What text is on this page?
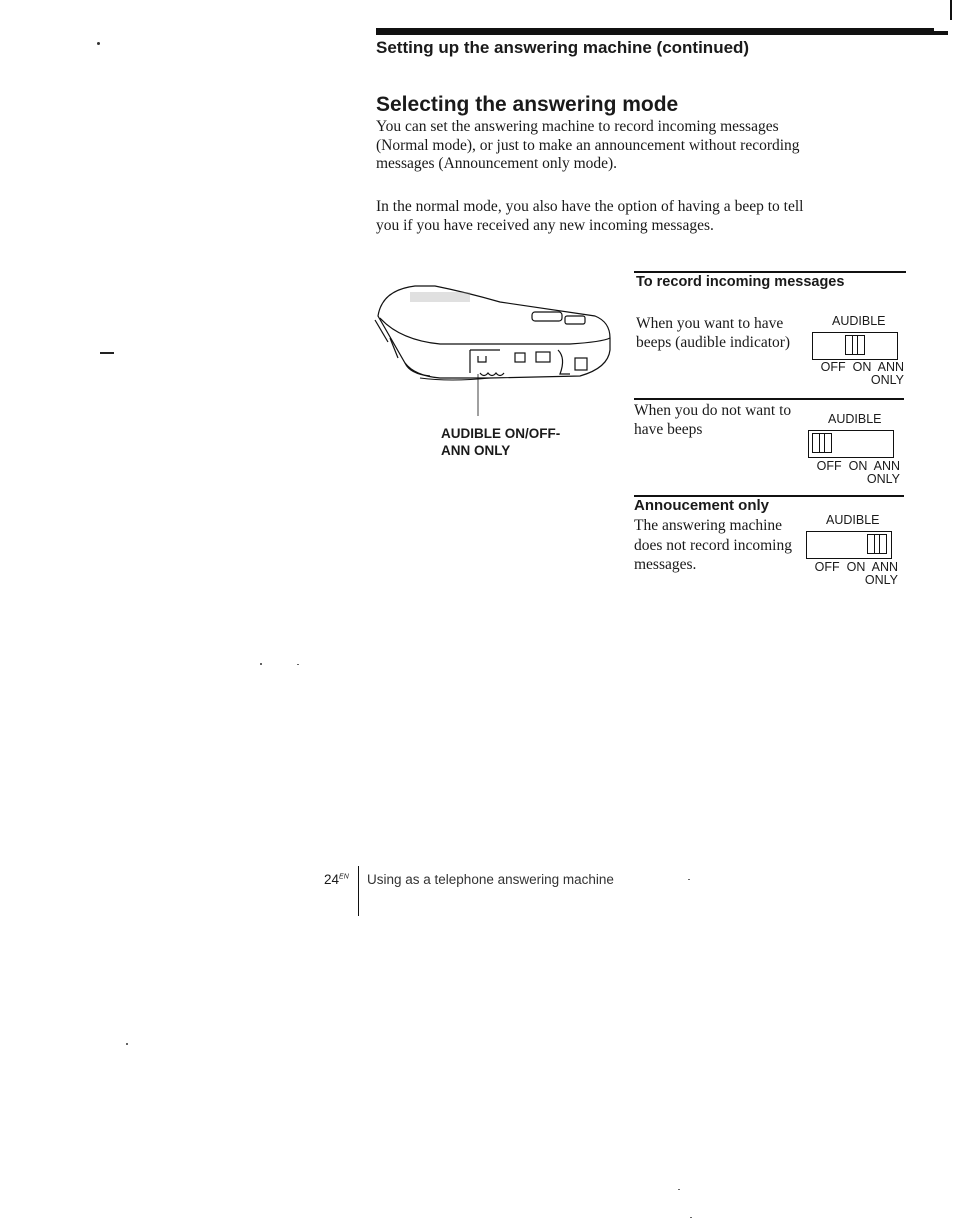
Setting up the answering machine (continued)
Selecting the answering mode
You can set the answering machine to record incoming messages (Normal mode), or just to make an announcement without recording messages (Announcement only mode).
In the normal mode, you also have the option of having a beep to tell you if you have received any new incoming messages.
AUDIBLE ON/OFF-
ANN ONLY
To record incoming messages
When you want to have beeps (audible indicator)
When you do not want to have beeps
Annoucement only
The answering machine does not record incoming messages.
AUDIBLE
OFF  ON  ANN
ONLY
AUDIBLE
OFF  ON  ANN
ONLY
AUDIBLE
OFF  ON  ANN
ONLY
$24^{EN}$ Using as a telephone answering machine
